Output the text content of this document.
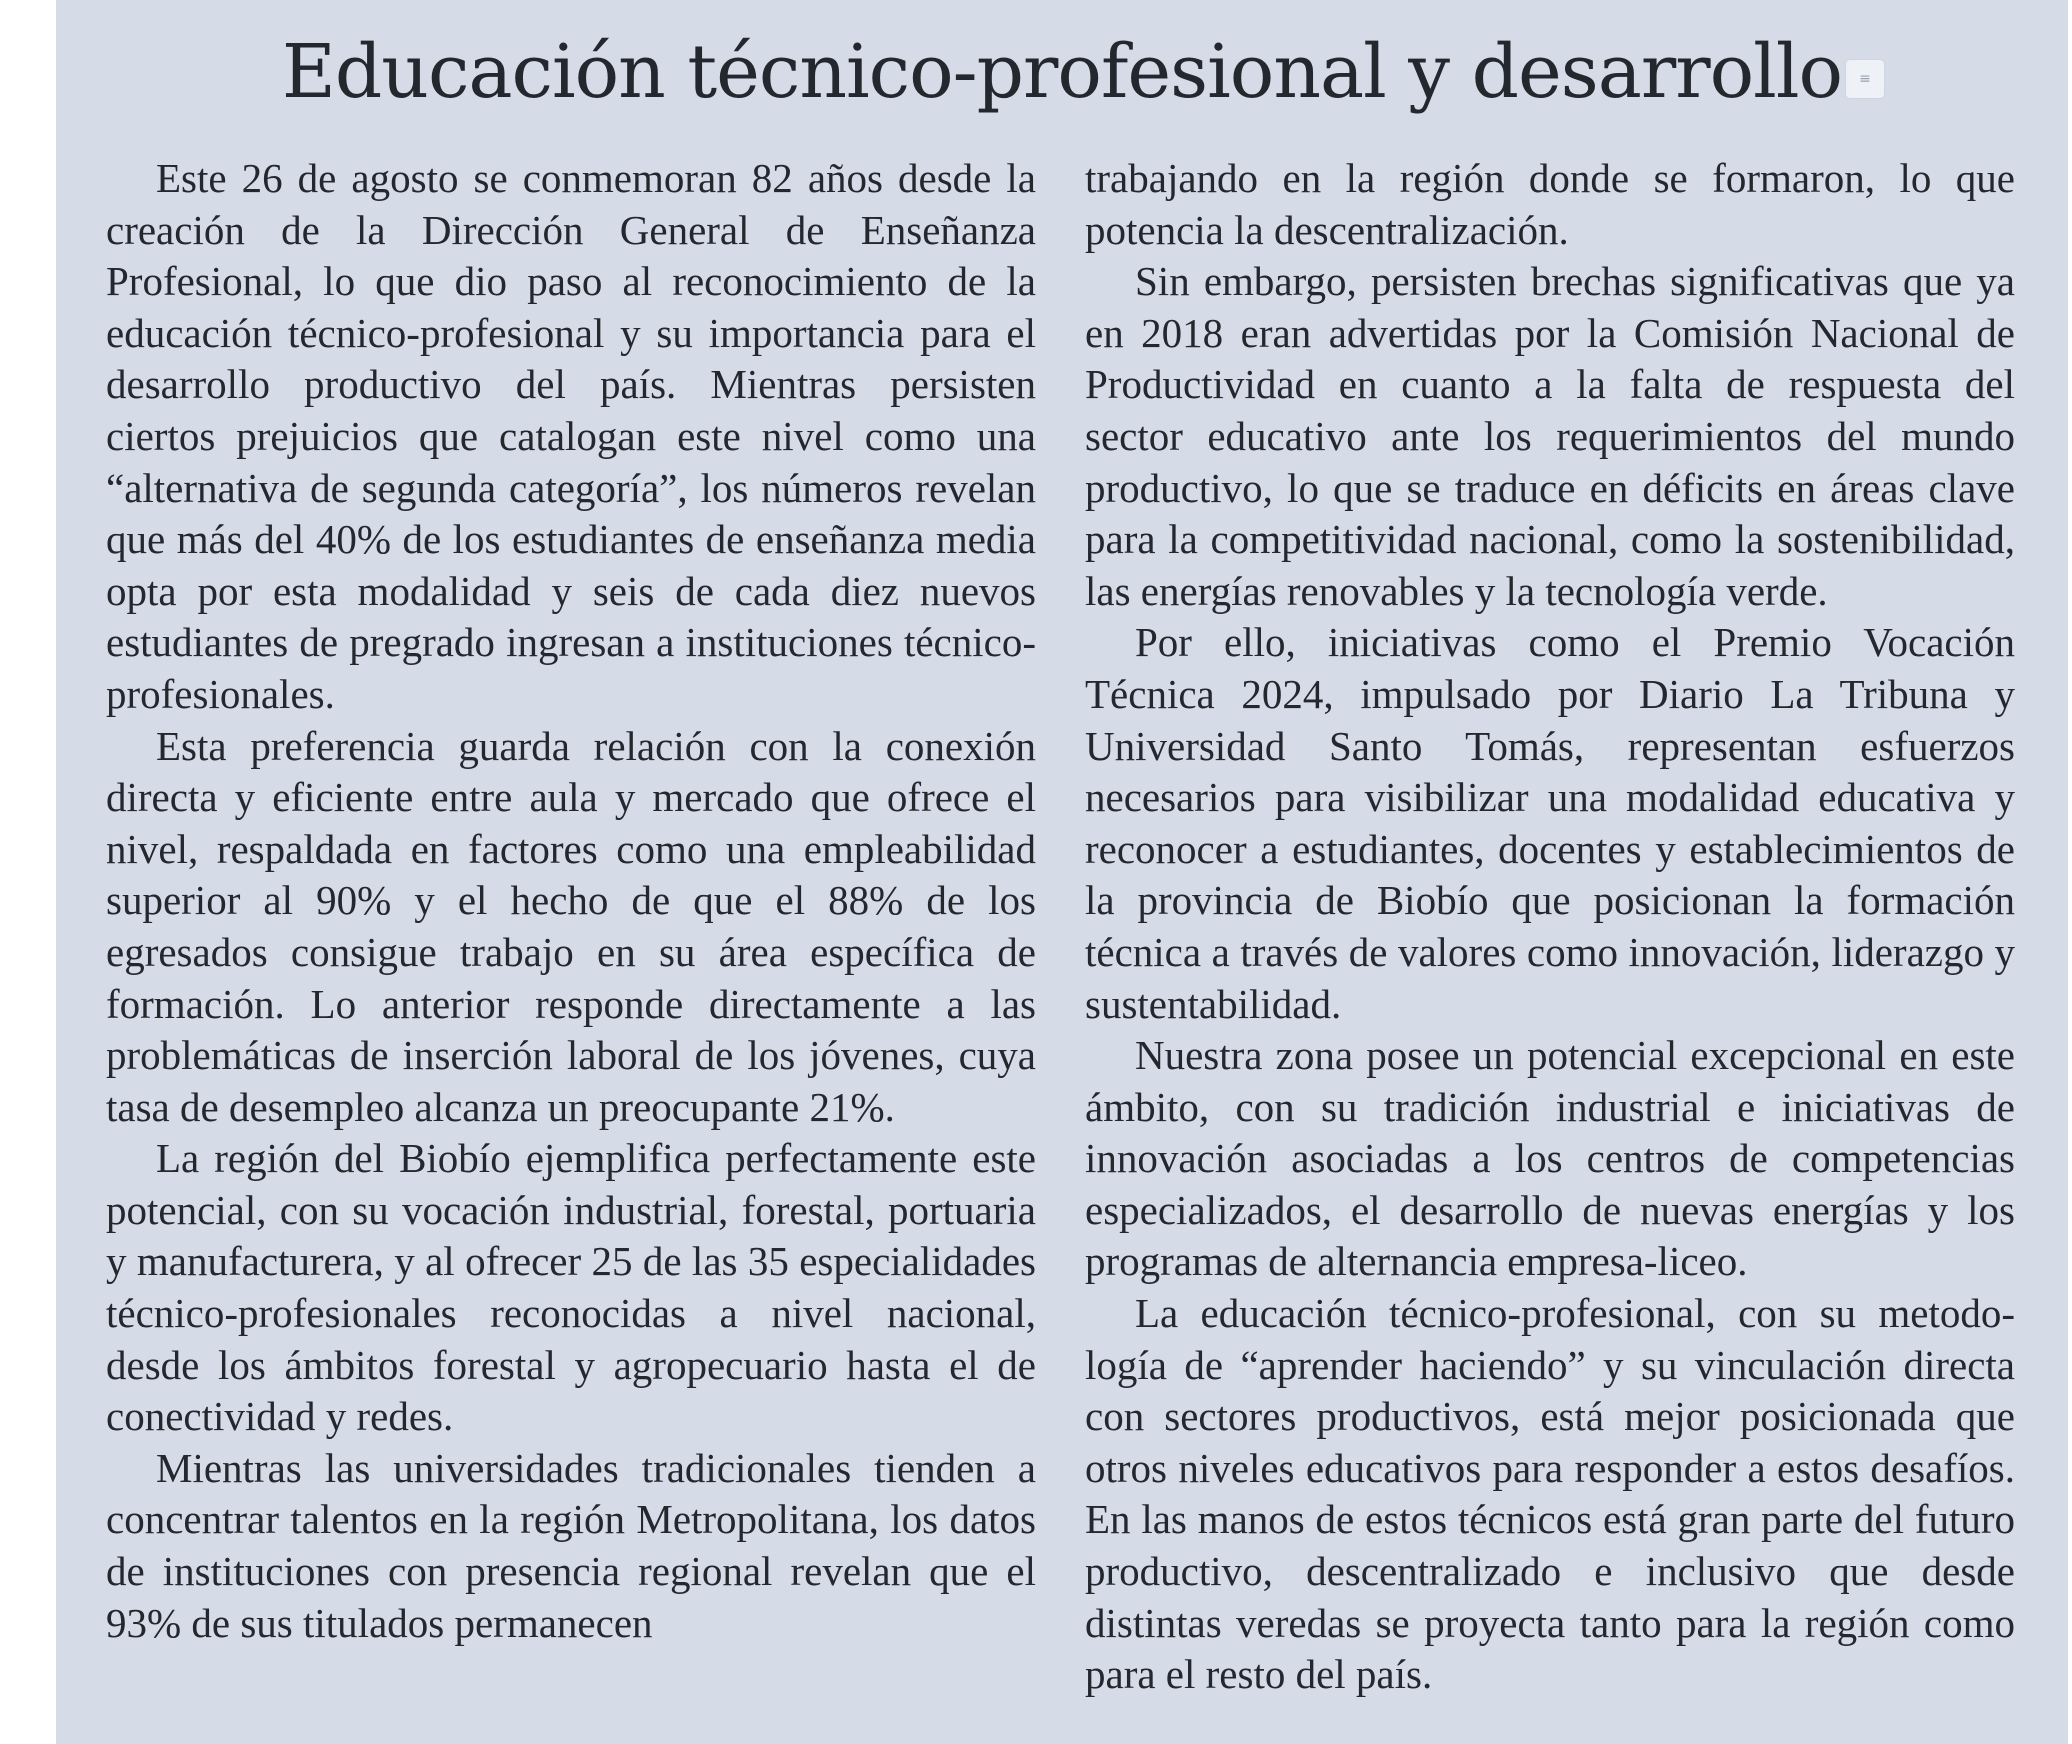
Educación técnico-profesional y desarrollo	≡

Este 26 de agosto se conmemoran 82 años desde la creación de la Dirección General de Enseñanza Profesional, lo que dio paso al reconocimiento de la educación técnico-profesional y su importancia para el desarrollo productivo del país. Mientras persisten ciertos prejuicios que catalogan este nivel como una “alternativa de segunda categoría”, los números revelan que más del 40% de los estudiantes de enseñanza media opta por esta modalidad y seis de cada diez nuevos estudiantes de pregrado ingresan a instituciones técnico-profesionales.

Esta preferencia guarda relación con la conexión directa y eficiente entre aula y mercado que ofrece el nivel, respaldada en factores como una empleabilidad superior al 90% y el hecho de que el 88% de los egresados consigue trabajo en su área específica de formación. Lo anterior responde directamente a las problemáticas de inserción laboral de los jóvenes, cuya tasa de desempleo alcanza un preocupante 21%.

La región del Biobío ejemplifica perfectamente este potencial, con su vocación industrial, forestal, portuaria y manufacturera, y al ofrecer 25 de las 35 especialidades técnico-profesionales reconocidas a nivel nacional, desde los ámbitos forestal y agropecuario hasta el de conectividad y redes.

Mientras las universidades tradicionales tienden a concentrar talentos en la región Metropolitana, los datos de instituciones con presencia regional revelan que el 93% de sus titulados permanecen

trabajando en la región donde se formaron, lo que potencia la descentralización.

Sin embargo, persisten brechas significativas que ya en 2018 eran advertidas por la Comisión Nacional de Productividad en cuanto a la falta de respuesta del sector educativo ante los requerimientos del mundo productivo, lo que se traduce en déficits en áreas clave para la competitividad nacional, como la sostenibilidad, las energías renovables y la tecnología verde.

Por ello, iniciativas como el Premio Vocación Técnica 2024, impulsado por Diario La Tribuna y Universidad Santo Tomás, representan esfuerzos necesarios para visibilizar una modalidad educativa y reconocer a estudiantes, docentes y establecimientos de la provincia de Biobío que posicionan la formación técnica a través de valores como innovación, liderazgo y sustentabilidad.

Nuestra zona posee un potencial excepcional en este ámbito, con su tradición industrial e iniciativas de innovación asociadas a los centros de competencias especializados, el desarrollo de nuevas energías y los programas de alternancia empresa-liceo.

La educación técnico-profesional, con su metodología de “aprender haciendo” y su vinculación directa con sectores productivos, está mejor posicionada que otros niveles educativos para responder a estos desafíos. En las manos de estos técnicos está gran parte del futuro productivo, descentralizado e inclusivo que desde distintas veredas se proyecta tanto para la región como para el resto del país.
